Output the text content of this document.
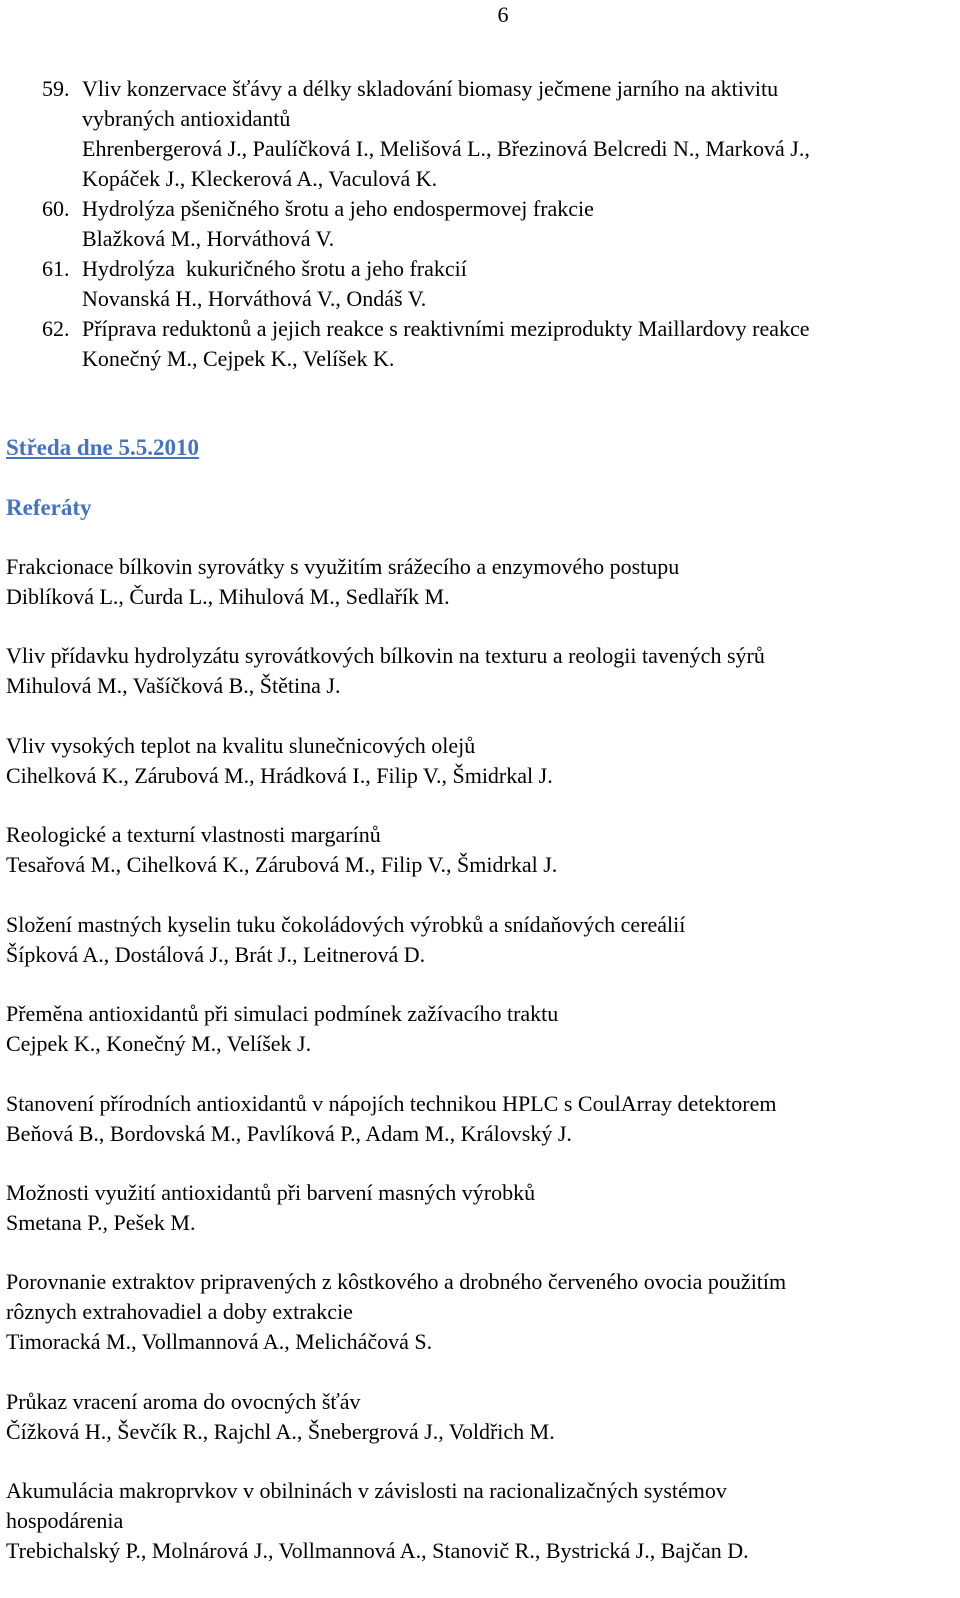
6
59. Vliv konzervace šťávy a délky skladování biomasy ječmene jarního na aktivitu
vybraných antioxidantů
Ehrenbergerová J., Paulíčková I., Melišová L., Březinová Belcredi N., Marková J.,
Kopáček J., Kleckerová A., Vaculová K.
60. Hydrolýza pšeničného šrotu a jeho endospermovej frakcie
Blažková M., Horváthová V.
61. Hydrolýza  kukuričného šrotu a jeho frakcií
Novanská H., Horváthová V., Ondáš V.
62. Příprava reduktonů a jejich reakce s reaktivními meziprodukty Maillardovy reakce
Konečný M., Cejpek K., Velíšek K.
Středa dne 5.5.2010
Referáty
Frakcionace bílkovin syrovátky s využitím srážecího a enzymového postupu
Diblíková L., Čurda L., Mihulová M., Sedlařík M.
Vliv přídavku hydrolyzátu syrovátkových bílkovin na texturu a reologii tavených sýrů
Mihulová M., Vašíčková B., Štětina J.
Vliv vysokých teplot na kvalitu slunečnicových olejů
Cihelková K., Zárubová M., Hrádková I., Filip V., Šmidrkal J.
Reologické a texturní vlastnosti margarínů
Tesařová M., Cihelková K., Zárubová M., Filip V., Šmidrkal J.
Složení mastných kyselin tuku čokoládových výrobků a snídaňových cereálií
Šípková A., Dostálová J., Brát J., Leitnerová D.
Přeměna antioxidantů při simulaci podmínek zažívacího traktu
Cejpek K., Konečný M., Velíšek J.
Stanovení přírodních antioxidantů v nápojích technikou HPLC s CoulArray detektorem
Beňová B., Bordovská M., Pavlíková P., Adam M., Královský J.
Možnosti využití antioxidantů při barvení masných výrobků
Smetana P., Pešek M.
Porovnanie extraktov pripravených z kôstkového a drobného červeného ovocia použitím
rôznych extrahovadiel a doby extrakcie
Timoracká M., Vollmannová A., Melicháčová S.
Průkaz vracení aroma do ovocných šťáv
Čížková H., Ševčík R., Rajchl A., Šnebergrová J., Voldřich M.
Akumulácia makroprvkov v obilninách v závislosti na racionalizačných systémov
hospodárenia
Trebichalský P., Molnárová J., Vollmannová A., Stanovič R., Bystrická J., Bajčan D.
